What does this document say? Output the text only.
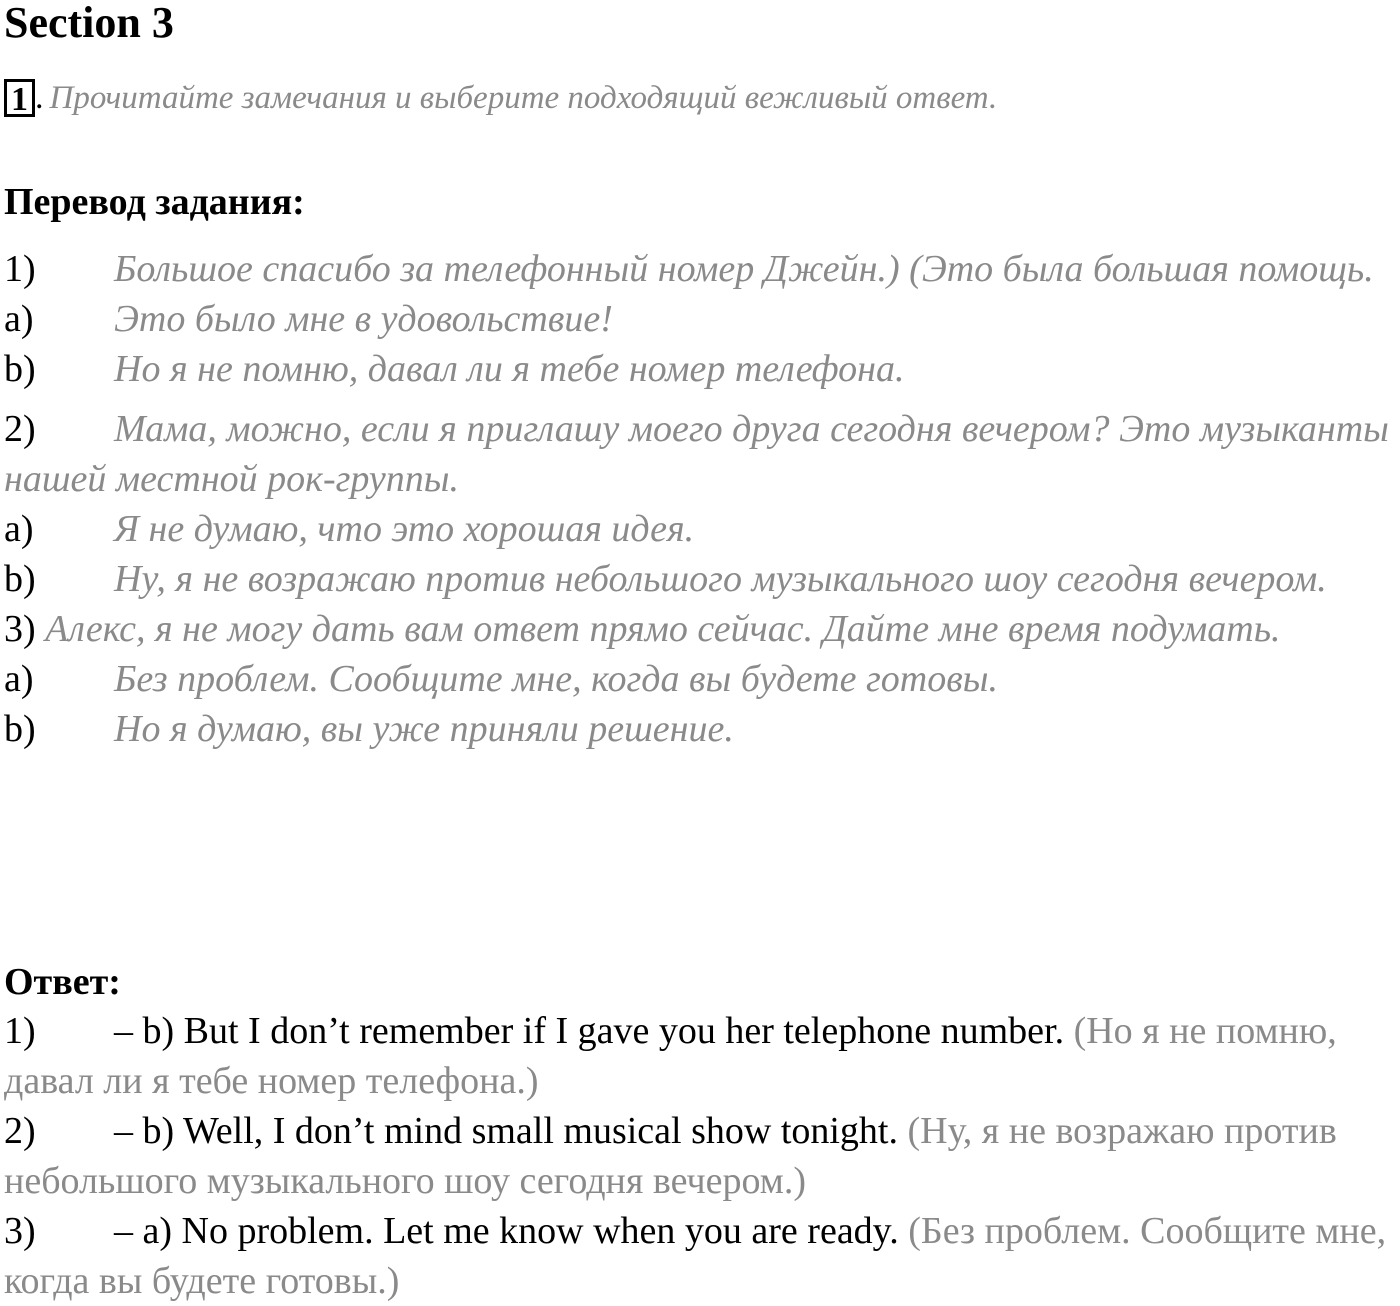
Section 3
1 . Прочитайте замечания и выберите подходящий вежливый ответ.
Перевод задания:

1) Большое спасибо за телефонный номер Джейн.) (Это была большая помощь.

a) Это было мне в удовольствие!

b) Но я не помню, давал ли я тебе номер телефона.

2) Мама, можно, если я приглашу моего друга сегодня вечером? Это музыканты нашей местной рок-группы.

a) Я не думаю, что это хорошая идея.

b) Ну, я не возражаю против небольшого музыкального шоу сегодня вечером.

3) Алекс, я не могу дать вам ответ прямо сейчас. Дайте мне время подумать.

a) Без проблем. Сообщите мне, когда вы будете готовы.

b) Но я думаю, вы уже приняли решение.

Ответ:

1) – b) But I don’t remember if I gave you her telephone number. (Но я не помню, давал ли я тебе номер телефона.)

2) – b) Well, I don’t mind small musical show tonight. (Ну, я не возражаю против небольшого музыкального шоу сегодня вечером.)

3) – a) No problem. Let me know when you are ready. (Без проблем. Сообщите мне, когда вы будете готовы.)
